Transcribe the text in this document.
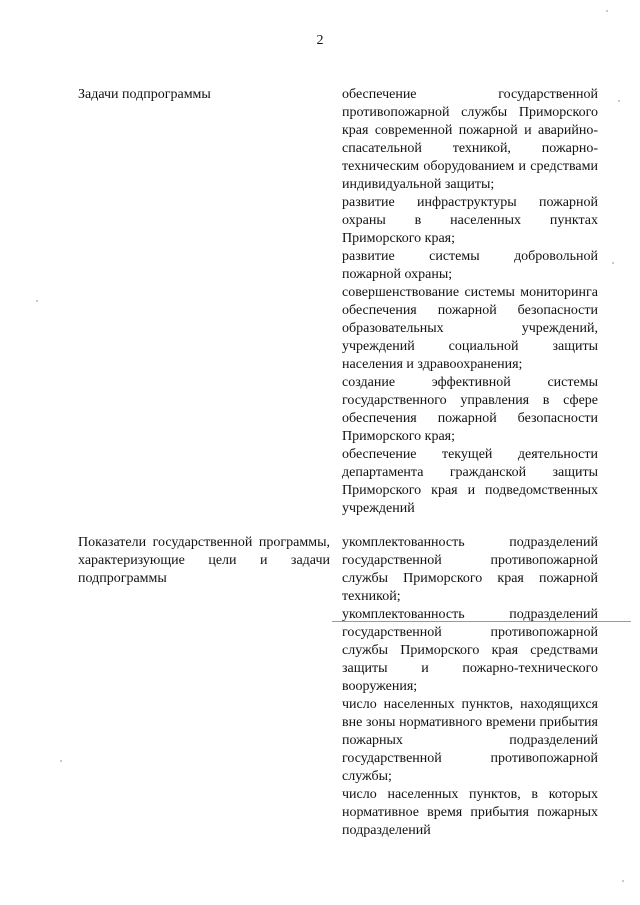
2
Задачи подпрограммы	обеспечение государственной противопожарной службы Приморского края современной пожарной и аварийно-спасательной техникой, пожарно-техническим оборудованием и средствами индивидуальной защиты;

развитие инфраструктуры пожарной охраны в населенных пунктах Приморского края;

развитие системы добровольной пожарной охраны;

совершенствование системы мониторинга обеспечения пожарной безопасности образовательных учреждений, учреждений социальной защиты населения и здравоохранения;

создание эффективной системы государственного управления в сфере обеспечения пожарной безопасности Приморского края;

обеспечение текущей деятельности департамента гражданской защиты Приморского края и подведомственных учреждений

Показатели государственной программы, характеризующие цели и задачи подпрограммы

укомплектованность подразделений государственной противопожарной службы Приморского края пожарной техникой;

укомплектованность подразделений государственной противопожарной службы Приморского края средствами защиты и пожарно-технического вооружения;

число населенных пунктов, находящихся вне зоны нормативного времени прибытия пожарных подразделений государственной противопожарной службы;

число населенных пунктов, в которых нормативное время прибытия пожарных подразделений
